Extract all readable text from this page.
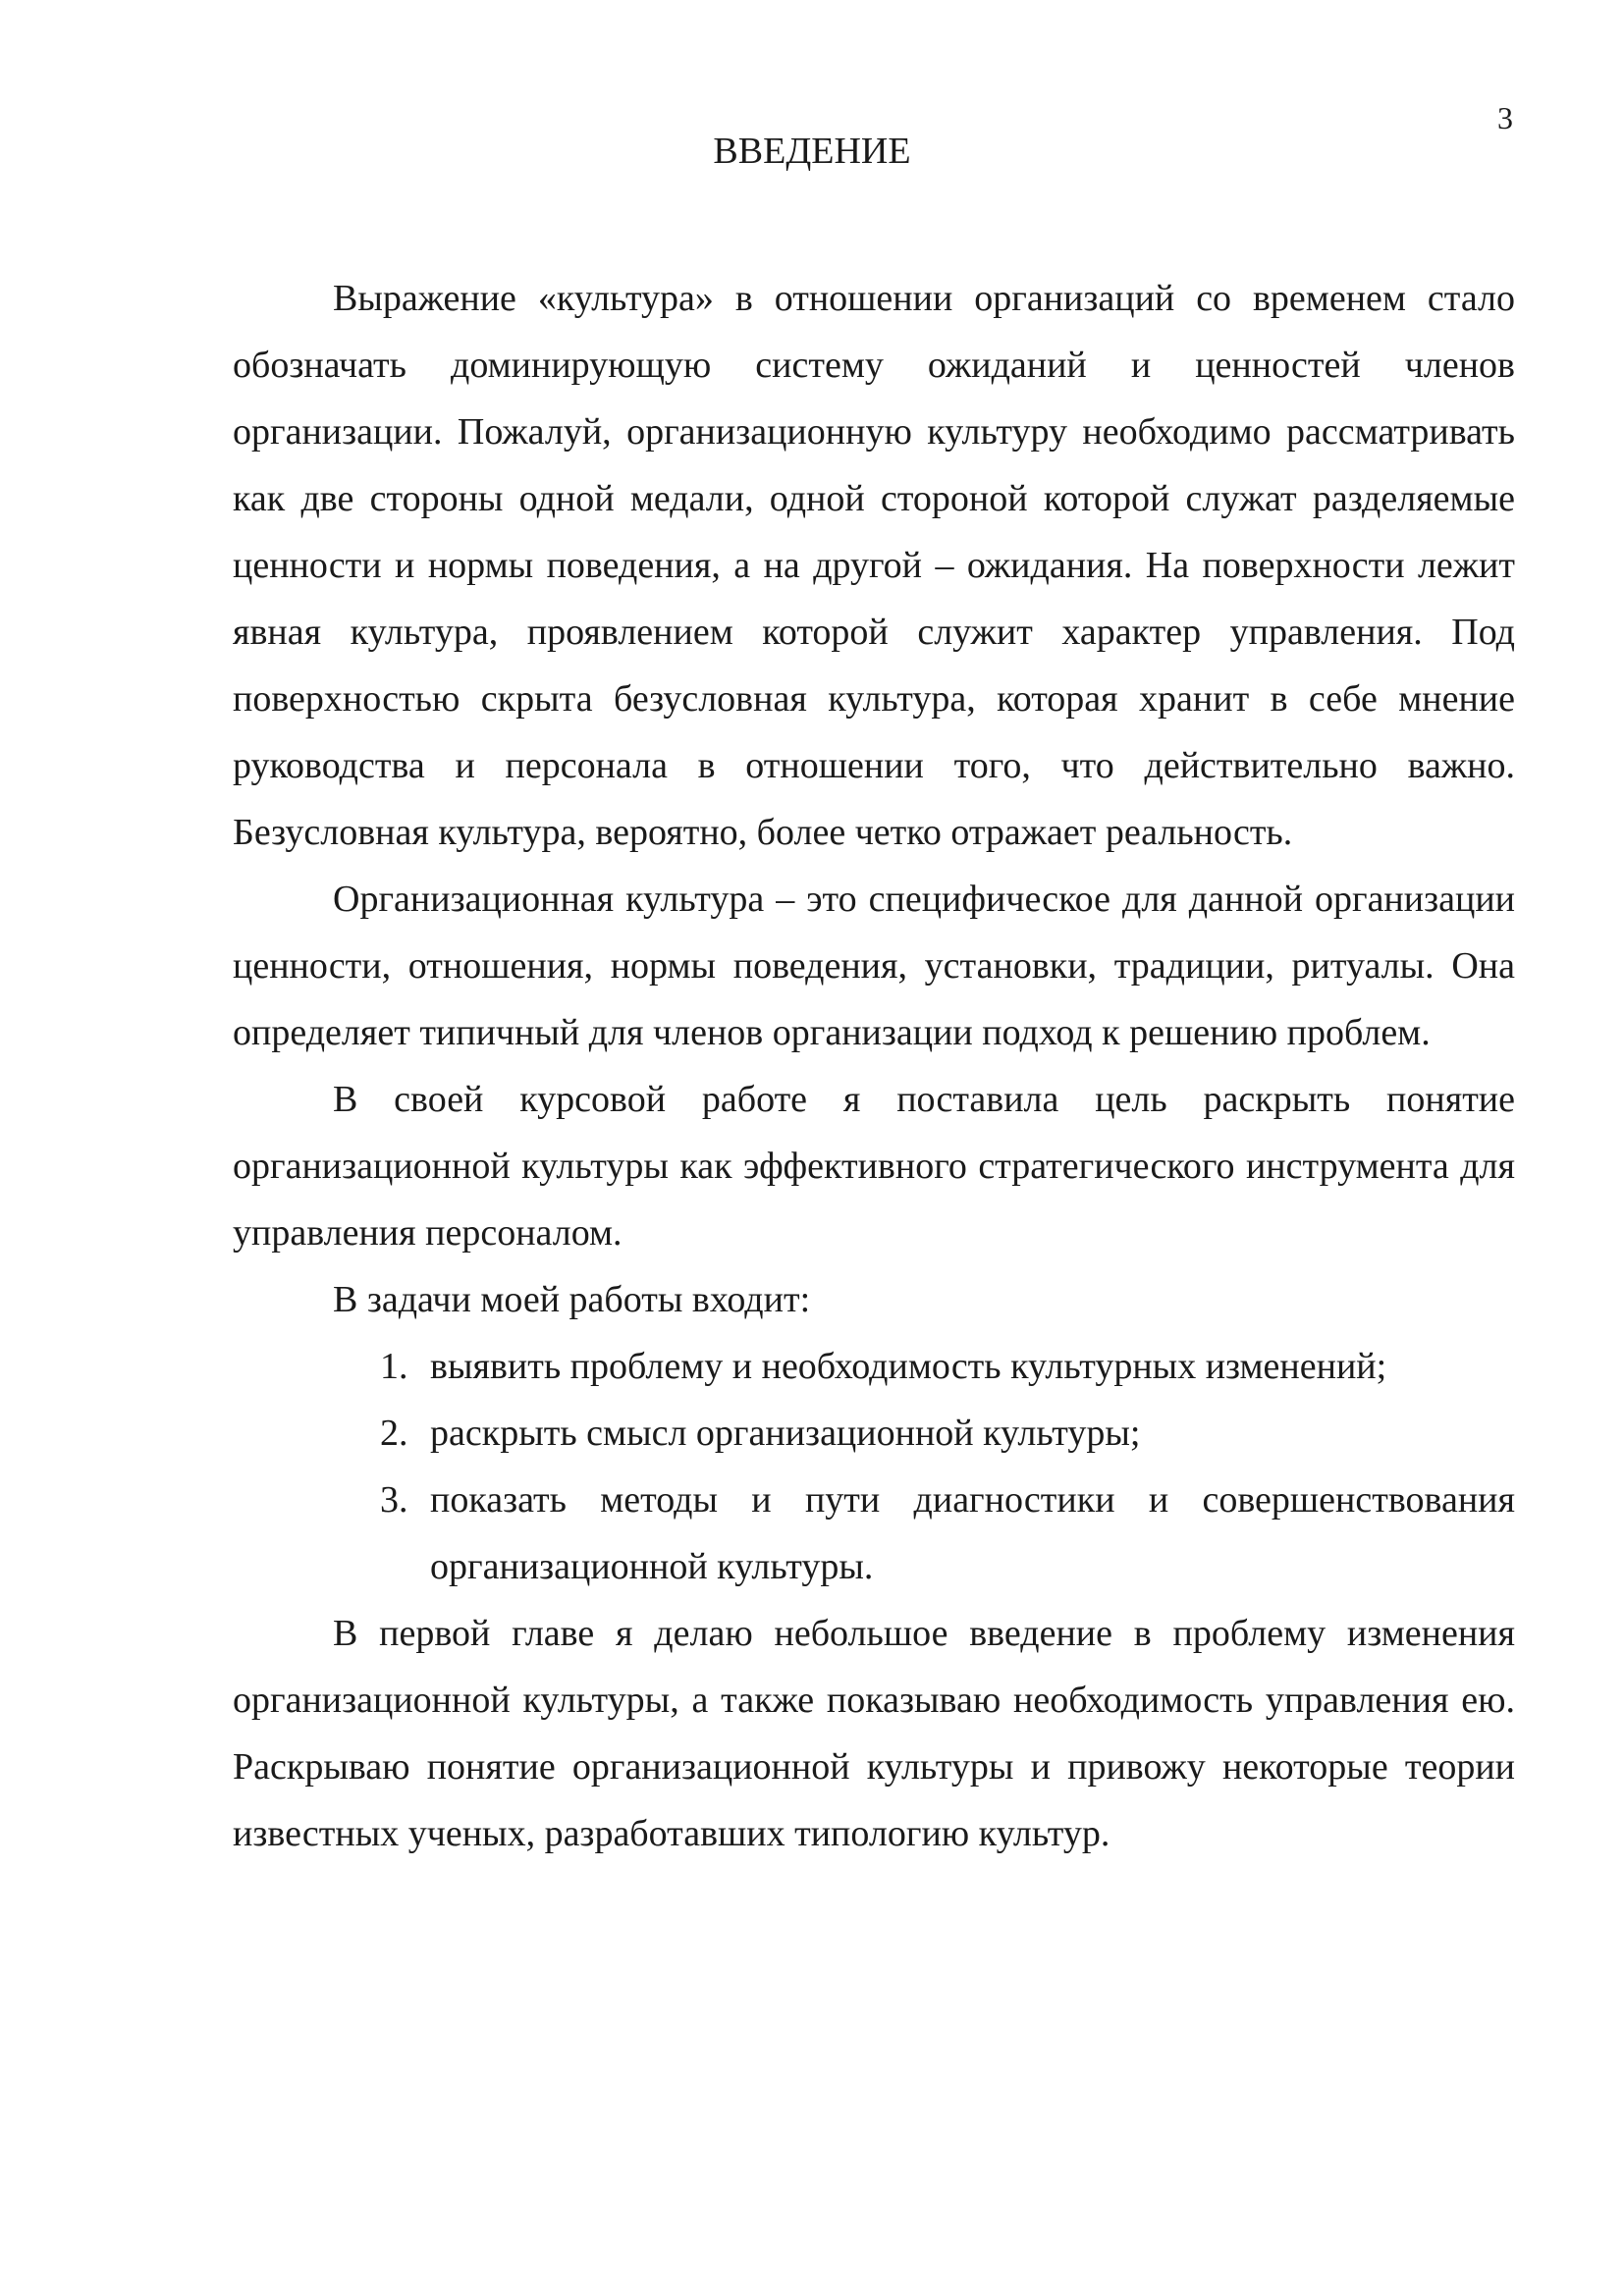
3
ВВЕДЕНИЕ

Выражение «культура» в отношении организаций со временем стало обозначать доминирующую систему ожиданий и ценностей членов организации. Пожалуй, организационную культуру необходимо рассматривать как две стороны одной медали, одной стороной которой служат разделяемые ценности и нормы поведения, а на другой – ожидания. На поверхности лежит явная культура, проявлением которой служит характер управления. Под поверхностью скрыта безусловная культура, которая хранит в себе мнение руководства и персонала в отношении того, что действительно важно. Безусловная культура, вероятно, более четко отражает реальность.

Организационная культура – это специфическое для данной организации ценности, отношения, нормы поведения, установки, традиции, ритуалы. Она определяет типичный для членов организации подход к решению проблем.

В своей курсовой работе я поставила цель раскрыть понятие организационной культуры как эффективного стратегического инструмента для управления персоналом.

В задачи моей работы входит:

1. выявить проблему и необходимость культурных изменений;
2. раскрыть смысл организационной культуры;
3. показать методы и пути диагностики и совершенствования организационной культуры.

В первой главе я делаю небольшое введение в проблему изменения организационной культуры, а также показываю необходимость управления ею. Раскрываю понятие организационной культуры и привожу некоторые теории известных ученых, разработавших типологию культур.
